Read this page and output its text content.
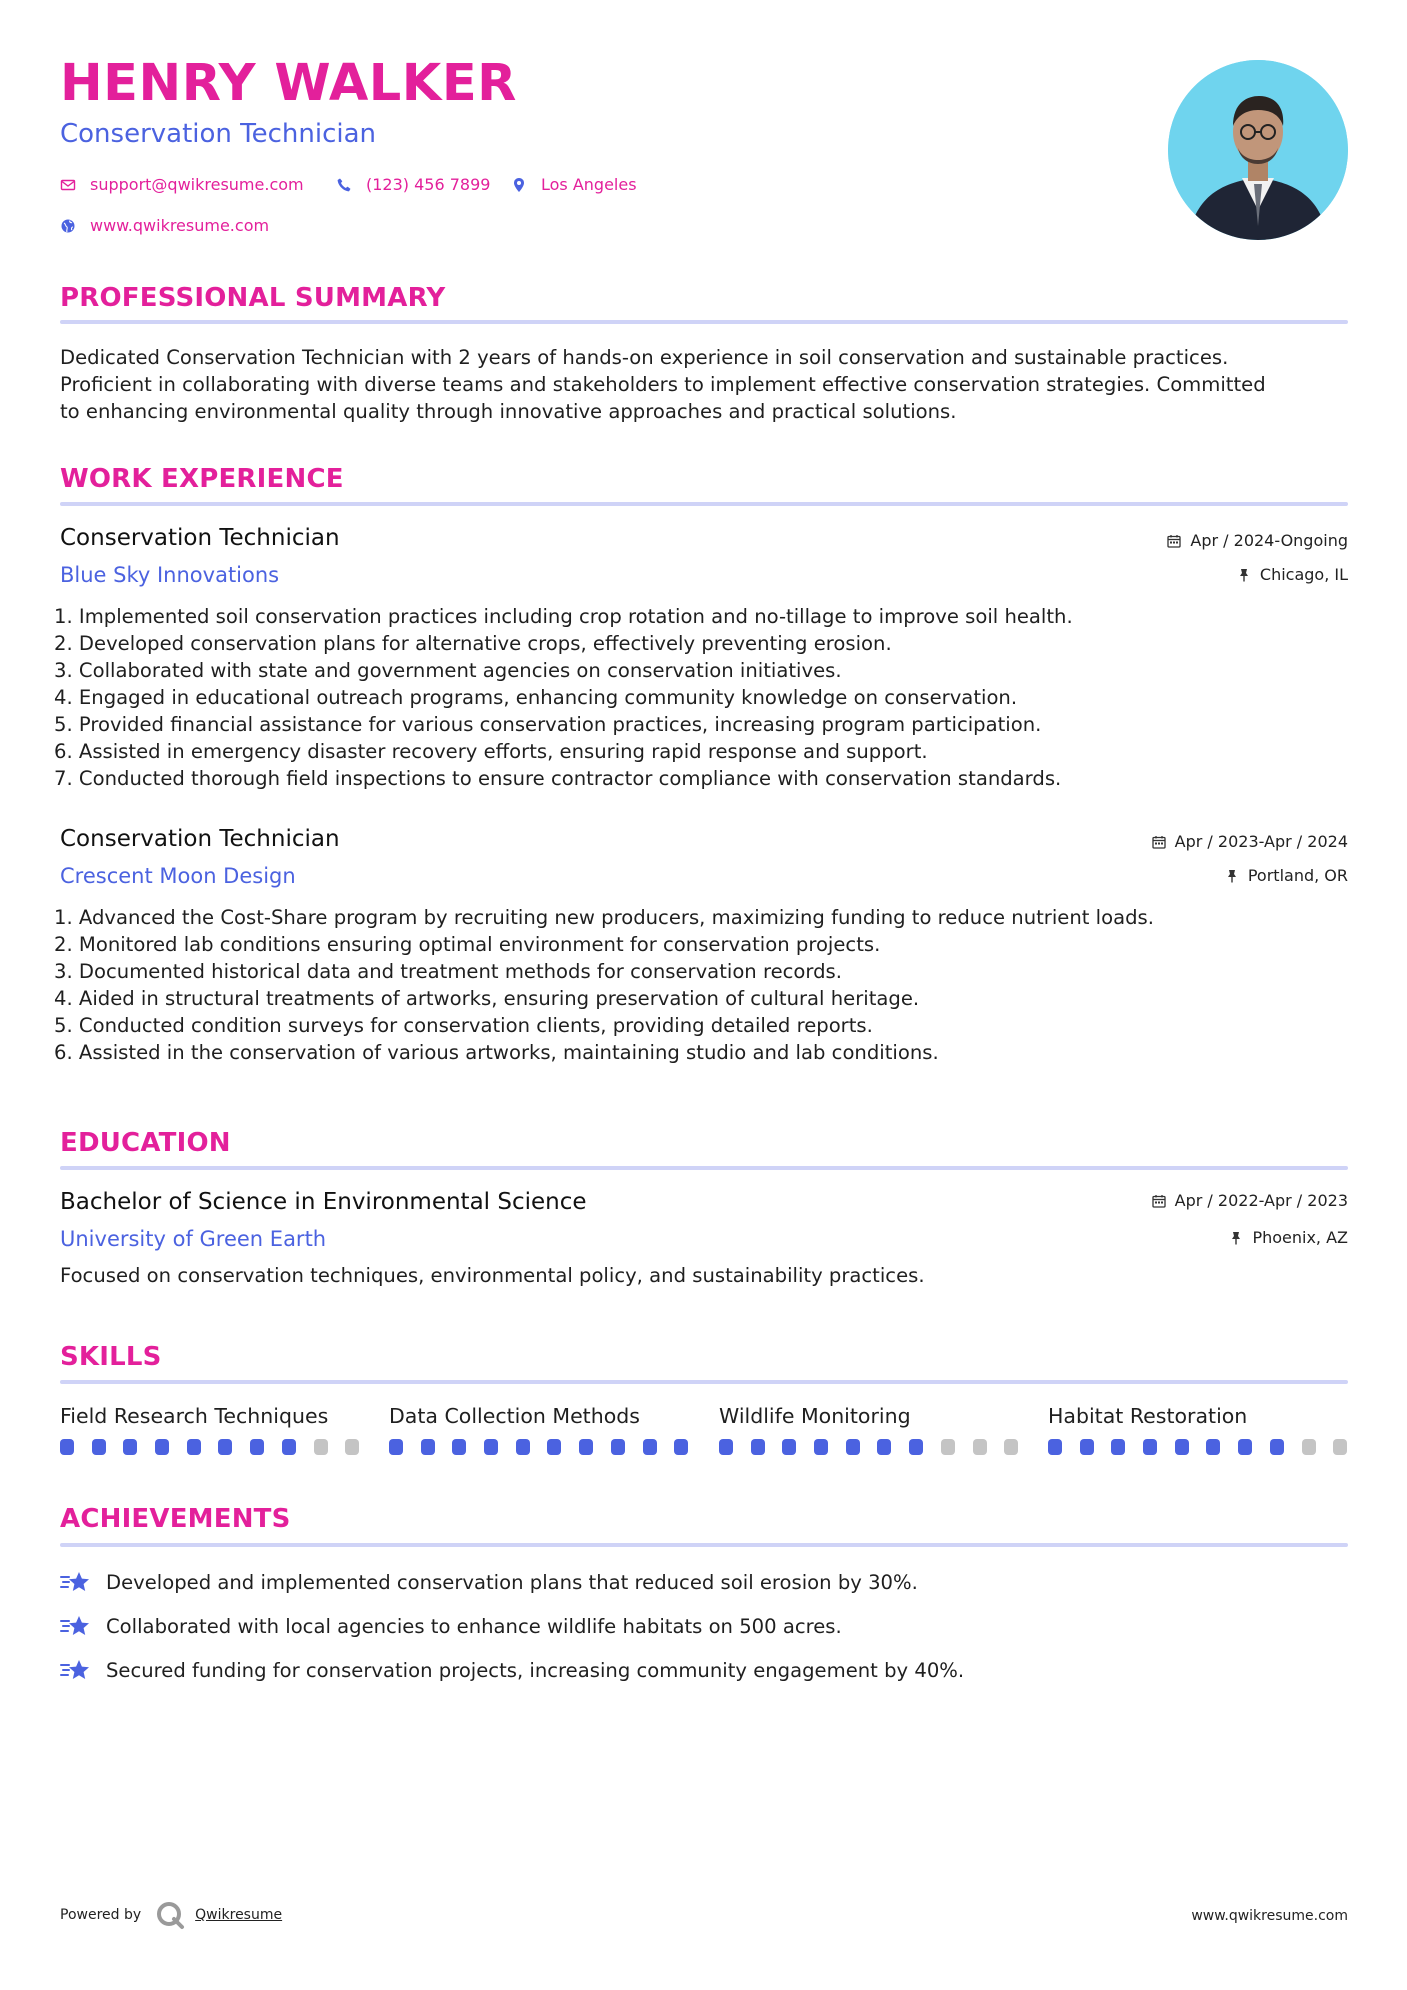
HENRY WALKER
Conservation Technician
support@qwikresume.com	(123) 456 7899	Los Angeles
www.qwikresume.com
PROFESSIONAL SUMMARY
Dedicated Conservation Technician with 2 years of hands-on experience in soil conservation and sustainable practices.
Proficient in collaborating with diverse teams and stakeholders to implement effective conservation strategies. Committed
to enhancing environmental quality through innovative approaches and practical solutions.
WORK EXPERIENCE
Conservation Technician
Blue Sky Innovations
Apr / 2024-Ongoing
Chicago, IL
1. Implemented soil conservation practices including crop rotation and no-tillage to improve soil health.
2. Developed conservation plans for alternative crops, effectively preventing erosion.
3. Collaborated with state and government agencies on conservation initiatives.
4. Engaged in educational outreach programs, enhancing community knowledge on conservation.
5. Provided financial assistance for various conservation practices, increasing program participation.
6. Assisted in emergency disaster recovery efforts, ensuring rapid response and support.
7. Conducted thorough field inspections to ensure contractor compliance with conservation standards.
Conservation Technician
Crescent Moon Design
Apr / 2023-Apr / 2024
Portland, OR
1. Advanced the Cost-Share program by recruiting new producers, maximizing funding to reduce nutrient loads.
2. Monitored lab conditions ensuring optimal environment for conservation projects.
3. Documented historical data and treatment methods for conservation records.
4. Aided in structural treatments of artworks, ensuring preservation of cultural heritage.
5. Conducted condition surveys for conservation clients, providing detailed reports.
6. Assisted in the conservation of various artworks, maintaining studio and lab conditions.
EDUCATION
Bachelor of Science in Environmental Science
University of Green Earth
Apr / 2022-Apr / 2023
Phoenix, AZ
Focused on conservation techniques, environmental policy, and sustainability practices.
SKILLS
Field Research Techniques	Data Collection Methods	Wildlife Monitoring	Habitat Restoration
ACHIEVEMENTS
Developed and implemented conservation plans that reduced soil erosion by 30%.
Collaborated with local agencies to enhance wildlife habitats on 500 acres.
Secured funding for conservation projects, increasing community engagement by 40%.
Powered by	Qwikresume	www.qwikresume.com
